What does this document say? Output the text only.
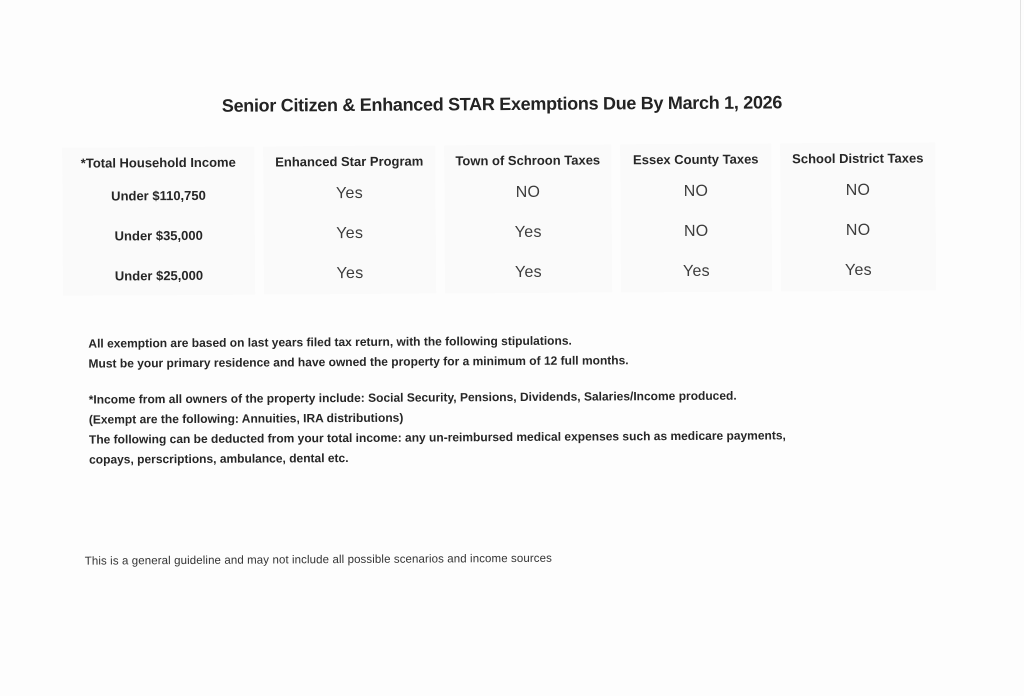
Senior Citizen & Enhanced STAR Exemptions Due By March 1, 2026
*Total Household Income	Enhanced Star Program	Town of Schroon Taxes	Essex County Taxes	School District Taxes
Under $110,750	Yes	NO	NO	NO
Under $35,000	Yes	Yes	NO	NO
Under $25,000	Yes	Yes	Yes	Yes
All exemption are based on last years filed tax return, with the following stipulations.
Must be your primary residence and have owned the property for a minimum of 12 full months.
*Income from all owners of the property include: Social Security, Pensions, Dividends, Salaries/Income produced. (Exempt are the following: Annuities, IRA distributions)
The following can be deducted from your total income: any un-reimbursed medical expenses such as medicare payments, copays, perscriptions, ambulance, dental etc.
This is a general guideline and may not include all possible scenarios and income sources
